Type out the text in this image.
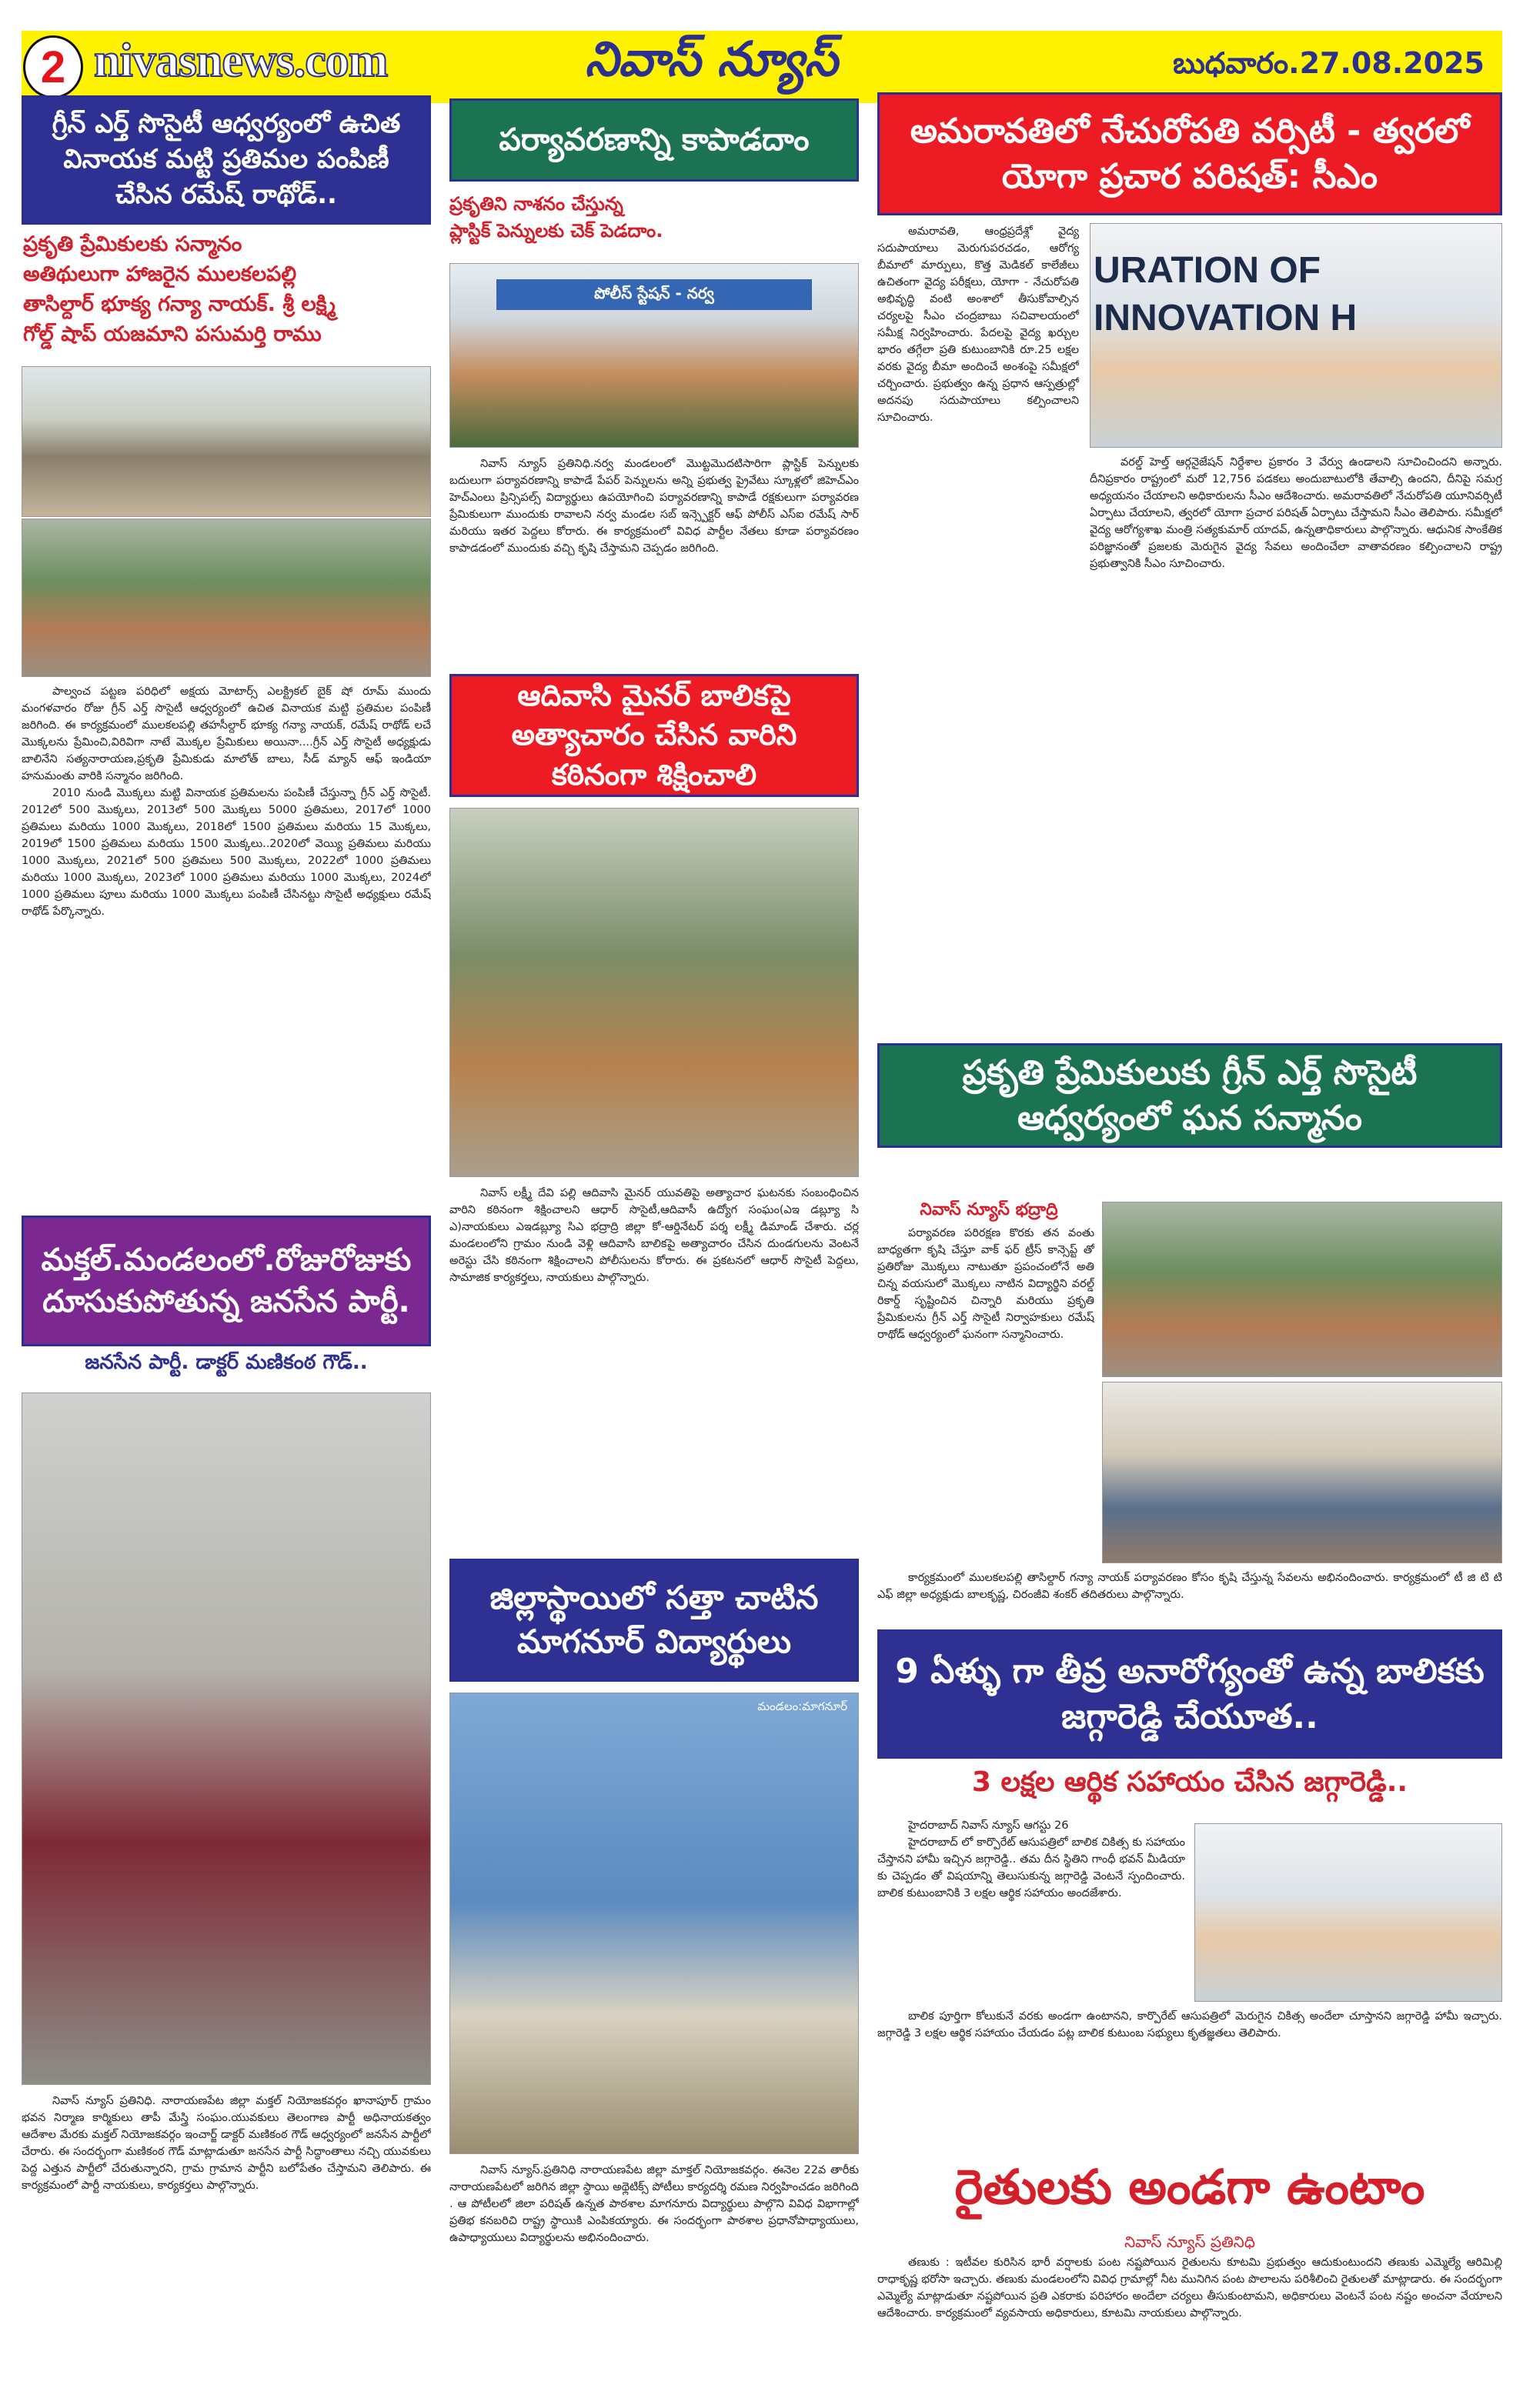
2 nivasnews.com	నివాస్ న్యూస్	బుధవారం.27.08.2025
గ్రీన్ ఎర్త్ సొసైటీ ఆధ్వర్యంలో ఉచిత వినాయక మట్టి ప్రతిమల పంపిణీ చేసిన రమేష్ రాథోడ్..
ప్రకృతి ప్రేమికులకు సన్మానం
అతిథులుగా హాజరైన ములకలపల్లి
తాసిల్దార్ భూక్య గన్యా నాయక్. శ్రీ లక్ష్మి
గోల్డ్ షాప్ యజమాని పసుమర్తి రాము

పాల్వంచ పట్టణ పరిధిలో అక్షయ మోటార్స్ ఎలక్ట్రికల్ బైక్ షో రూమ్ ముందు మంగళవారం రోజు గ్రీన్ ఎర్త్ సొసైటీ ఆధ్వర్యంలో ఉచిత వినాయక మట్టి ప్రతిమల పంపిణీ జరిగింది. ఈ కార్యక్రమంలో ములకలపల్లి తహసీల్దార్ భూక్య గన్యా నాయక్, రమేష్ రాథోడ్ లచే మొక్కలను ప్రేమించి,విరివిగా నాటే మొక్కల ప్రేమికులు అయినా....గ్రీన్ ఎర్త్ సొసైటీ అధ్యక్షుడు బాలినేని సత్యనారాయణ,ప్రకృతి ప్రేమికుడు మాలోత్ బాలు, సీడ్ మ్యాన్ ఆఫ్ ఇండియా హనుమంతు వారికి సన్మానం జరిగింది.

2010 నుండి మొక్కలు మట్టి వినాయక ప్రతిమలను పంపిణీ చేస్తున్నా గ్రీన్ ఎర్త్ సొసైటీ. 2012లో 500 మొక్కలు, 2013లో 500 మొక్కలు 5000 ప్రతిమలు, 2017లో 1000 ప్రతిమలు మరియు 1000 మొక్కలు, 2018లో 1500 ప్రతిమలు మరియు 15 మొక్కలు, 2019లో 1500 ప్రతిమలు మరియు 1500 మొక్కలు..2020లో వెయ్యి ప్రతిమలు మరియు 1000 మొక్కలు, 2021లో 500 ప్రతిమలు 500 మొక్కలు, 2022లో 1000 ప్రతిమలు మరియు 1000 మొక్కలు, 2023లో 1000 ప్రతిమలు మరియు 1000 మొక్కలు, 2024లో 1000 ప్రతిమలు పూలు మరియు 1000 మొక్కలు పంపిణీ చేసినట్టు సొసైటీ అధ్యక్షులు రమేష్ రాథోడ్ పేర్కొన్నారు.

మక్తల్.మండలంలో.రోజురోజుకు దూసుకుపోతున్న జనసేన పార్టీ.
జనసేన పార్టీ. డాక్టర్ మణికంఠ గౌడ్..

నివాస్ న్యూస్ ప్రతినిధి. నారాయణపేట జిల్లా మక్తల్ నియోజకవర్గం ఖానాపూర్ గ్రామం భవన నిర్మాణ కార్మికులు తాపీ మేస్త్రి సంఘం.యువకులు తెలంగాణ పార్టీ అధినాయకత్వం ఆదేశాల మేరకు మక్తల్ నియోజకవర్గం ఇంచార్జ్ డాక్టర్ మణికంఠ గౌడ్ ఆధ్వర్యంలో జనసేన పార్టీలో చేరారు. ఈ సందర్భంగా మణికంఠ గౌడ్ మాట్లాడుతూ జనసేన పార్టీ సిద్ధాంతాలు నచ్చి యువకులు పెద్ద ఎత్తున పార్టీలో చేరుతున్నారని, గ్రామ గ్రామాన పార్టీని బలోపేతం చేస్తామని తెలిపారు. ఈ కార్యక్రమంలో పార్టీ నాయకులు, కార్యకర్తలు పాల్గొన్నారు.

పర్యావరణాన్ని కాపాడదాం
ప్రకృతిని నాశనం చేస్తున్న
ప్లాస్టిక్ పెన్నులకు చెక్ పెడదాం.
పోలీస్ స్టేషన్ - నర్వ

నివాస్ న్యూస్ ప్రతినిధి.నర్వ మండలంలో మొట్టమొదటిసారిగా ప్లాస్టిక్ పెన్నులకు బదులుగా పర్యావరణాన్ని కాపాడే పేపర్ పెన్నులను అన్ని ప్రభుత్వ ప్రైవేటు స్కూళ్లలో జిహెచ్ఎం హెచ్ఎంలు ప్రిన్సిపల్స్ విద్యార్థులు ఉపయోగించి పర్యావరణాన్ని కాపాడే రక్షకులుగా పర్యావరణ ప్రేమికులుగా ముందుకు రావాలని నర్వ మండల సబ్ ఇన్స్పెక్టర్ ఆఫ్ పోలీస్ ఎస్ఐ రమేష్ సార్ మరియు ఇతర పెద్దలు కోరారు. ఈ కార్యక్రమంలో వివిధ పార్టీల నేతలు కూడా పర్యావరణం కాపాడడంలో ముందుకు వచ్చి కృషి చేస్తామని చెప్పడం జరిగింది.

ఆదివాసి మైనర్ బాలికపై అత్యాచారం చేసిన వారిని కఠినంగా శిక్షించాలి

నివాస్ లక్ష్మీ దేవి పల్లి ఆదివాసి మైనర్ యువతిపై అత్యాచార ఘటనకు సంబంధించిన వారిని కఠినంగా శిక్షించాలని ఆధార్ సొసైటీ,ఆదివాసీ ఉద్యోగ సంఘం(ఎఇ డబ్ల్యూ సి ఎ)నాయకులు ఎఇడబ్ల్యూ సిఎ భద్రాద్రి జిల్లా కో-ఆర్డినేటర్ పర్శ లక్ష్మీ డిమాండ్ చేశారు. చర్ల మండలంలోని గ్రామం నుండి వెళ్లి ఆదివాసి బాలికపై అత్యాచారం చేసిన దుండగులను వెంటనే అరెస్టు చేసి కఠినంగా శిక్షించాలని పోలీసులను కోరారు. ఈ ప్రకటనలో ఆధార్ సొసైటీ పెద్దలు, సామాజిక కార్యకర్తలు, నాయకులు పాల్గొన్నారు.

జిల్లాస్థాయిలో సత్తా చాటిన మాగనూర్ విద్యార్థులు
మండలం:మాగనూర్

నివాస్ న్యూస్.ప్రతినిధి నారాయణపేట జిల్లా మాక్తల్ నియోజకవర్గం. ఈనెల 22వ తారీకు నారాయణపేటలో జరిగిన జిల్లా స్థాయి అథ్లెటిక్స్ పోటీలు కార్యదర్శి రమణ నిర్వహించడం జరిగింది . ఆ పోటీలలో జిలా పరిషత్ ఉన్నత పాఠశాల మాగనూరు విద్యార్థులు పాల్గొని వివిధ విభాగాల్లో ప్రతిభ కనబరిచి రాష్ట్ర స్థాయికి ఎంపికయ్యారు. ఈ సందర్భంగా పాఠశాల ప్రధానోపాధ్యాయులు, ఉపాధ్యాయులు విద్యార్థులను అభినందించారు.

అమరావతిలో నేచురోపతి వర్సిటీ - త్వరలో యోగా ప్రచార పరిషత్: సీఎం

అమరావతి, ఆంధ్రప్రదేశ్లో వైద్య సదుపాయాలు మెరుగుపరచడం, ఆరోగ్య బీమాలో మార్పులు, కొత్త మెడికల్ కాలేజీలు ఉచితంగా వైద్య పరీక్షలు, యోగా - నేచురోపతి అభివృద్ధి వంటి అంశాలో తీసుకోవాల్సిన చర్యలపై సీఎం చంద్రబాబు సచివాలయంలో సమీక్ష నిర్వహించారు. పేదలపై వైద్య ఖర్చుల భారం తగ్గేలా ప్రతి కుటుంబానికి రూ.25 లక్షల వరకు వైద్య బీమా అందించే అంశంపై సమీక్షలో చర్చించారు. ప్రభుత్వం ఉన్న ప్రధాన ఆస్పత్రుల్లో అదనపు సదుపాయాలు కల్పించాలని సూచించారు.

URATION OF INNOVATION H

వరల్డ్ హెల్త్ ఆర్గనైజేషన్ నిర్దేశాల ప్రకారం 3 వేర్వు ఉండాలని సూచించిందని అన్నారు. దీనిప్రకారం రాష్ట్రంలో మరో 12,756 పడకలు అందుబాటులోకి తేవాల్సి ఉందని, దీనిపై సమగ్ర అధ్యయనం చేయాలని అధికారులను సీఎం ఆదేశించారు. అమరావతిలో నేచురోపతి యూనివర్సిటీ ఏర్పాటు చేయాలని, త్వరలో యోగా ప్రచార పరిషత్ ఏర్పాటు చేస్తామని సీఎం తెలిపారు. సమీక్షలో వైద్య ఆరోగ్యశాఖ మంత్రి సత్యకుమార్ యాదవ్, ఉన్నతాధికారులు పాల్గొన్నారు. ఆధునిక సాంకేతిక పరిజ్ఞానంతో ప్రజలకు మెరుగైన వైద్య సేవలు అందించేలా వాతావరణం కల్పించాలని రాష్ట్ర ప్రభుత్వానికి సీఎం సూచించారు.

ప్రకృతి ప్రేమికులుకు గ్రీన్ ఎర్త్ సొసైటీ ఆధ్వర్యంలో ఘన సన్మానం
నివాస్ న్యూస్ భద్రాద్రి

పర్యావరణ పరిరక్షణ కొరకు తన వంతు బాధ్యతగా కృషి చేస్తూ వాక్ ఫర్ ట్రీస్ కాన్సెప్ట్ తో ప్రతిరోజు మొక్కలు నాటుతూ ప్రపంచంలోనే అతి చిన్న వయసులో మొక్కలు నాటిన విద్యార్థిని వరల్డ్ రికార్డ్ సృష్టించిన చిన్నారి మరియు ప్రకృతి ప్రేమికులను గ్రీన్ ఎర్త్ సొసైటీ నిర్వాహకులు రమేష్ రాథోడ్ ఆధ్వర్యంలో ఘనంగా సన్మానించారు.

కార్యక్రమంలో ములకలపల్లి తాసిల్దార్ గన్యా నాయక్ పర్యావరణం కోసం కృషి చేస్తున్న సేవలను అభినందించారు. కార్యక్రమంలో టీ జి టి టి ఎఫ్ జిల్లా అధ్యక్షుడు బాలకృష్ణ, చిరంజీవి శంకర్ తదితరులు పాల్గొన్నారు.

9 ఏళ్ళు గా తీవ్ర అనారోగ్యంతో ఉన్న బాలికకు జగ్గారెడ్డి చేయూత..
3 లక్షల ఆర్థిక సహాయం చేసిన జగ్గారెడ్డి..

హైదరాబాద్ నివాస్ న్యూస్ ఆగస్టు 26

హైదరాబాద్ లో కార్పొరేట్ ఆసుపత్రిలో బాలిక చికిత్స కు సహాయం చేస్తానని హామీ ఇచ్చిన జగ్గారెడ్డి.. తమ దీన స్థితిని గాంధీ భవన్ మీడియా కు చెప్పడం తో విషయాన్ని తెలుసుకున్న జగ్గారెడ్డి వెంటనే స్పందించారు. బాలిక కుటుంబానికి 3 లక్షల ఆర్థిక సహాయం అందజేశారు.

బాలిక పూర్తిగా కోలుకునే వరకు అండగా ఉంటానని, కార్పొరేట్ ఆసుపత్రిలో మెరుగైన చికిత్స అందేలా చూస్తానని జగ్గారెడ్డి హామీ ఇచ్చారు. జగ్గారెడ్డి 3 లక్షల ఆర్థిక సహాయం చేయడం పట్ల బాలిక కుటుంబ సభ్యులు కృతజ్ఞతలు తెలిపారు.

రైతులకు అండగా ఉంటాం
నివాస్ న్యూస్ ప్రతినిధి

తణుకు : ఇటీవల కురిసిన భారీ వర్షాలకు పంట నష్టపోయిన రైతులను కూటమి ప్రభుత్వం ఆదుకుంటుందని తణుకు ఎమ్మెల్యే ఆరిమిల్లి రాధాకృష్ణ భరోసా ఇచ్చారు. తణుకు మండలంలోని వివిధ గ్రామాల్లో నీట మునిగిన పంట పొలాలను పరిశీలించి రైతులతో మాట్లాడారు. ఈ సందర్భంగా ఎమ్మెల్యే మాట్లాడుతూ నష్టపోయిన ప్రతి ఎకరాకు పరిహారం అందేలా చర్యలు తీసుకుంటామని, అధికారులు వెంటనే పంట నష్టం అంచనా వేయాలని ఆదేశించారు. కార్యక్రమంలో వ్యవసాయ అధికారులు, కూటమి నాయకులు పాల్గొన్నారు.
